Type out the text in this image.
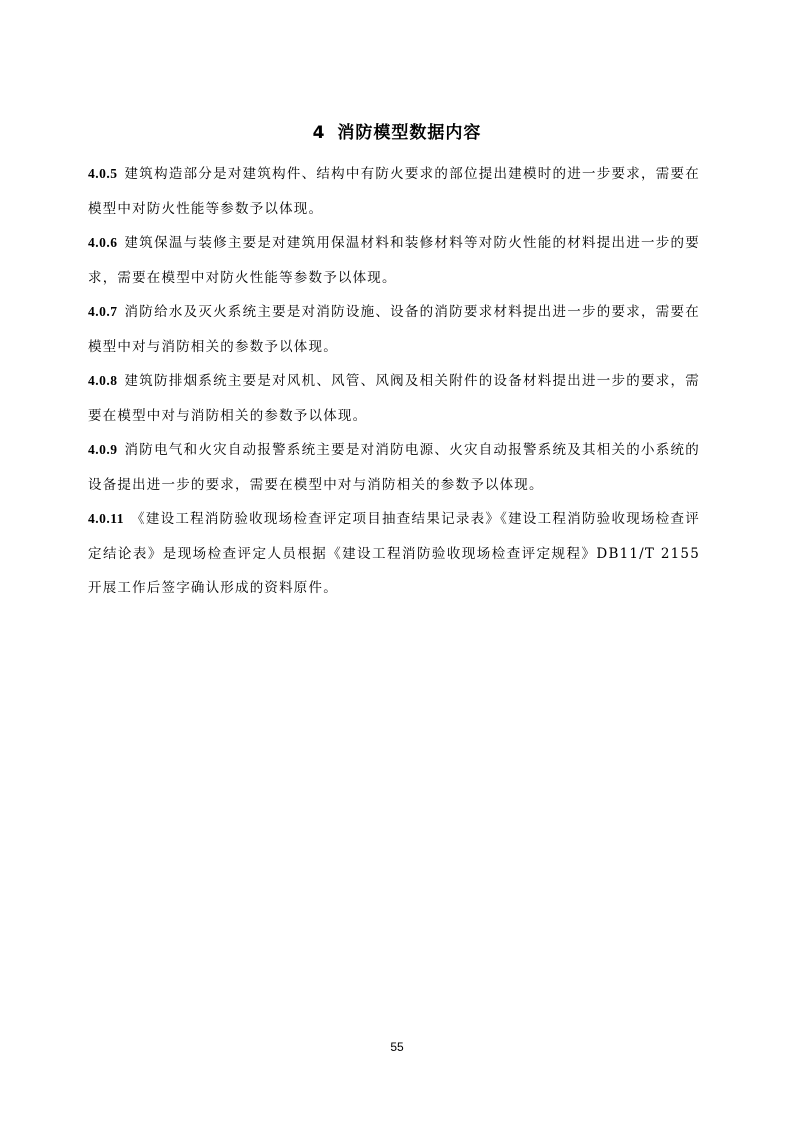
4 消防模型数据内容

4.0.5 建筑构造部分是对建筑构件、结构中有防火要求的部位提出建模时的进一步要求，需要在模型中对防火性能等参数予以体现。

4.0.6 建筑保温与装修主要是对建筑用保温材料和装修材料等对防火性能的材料提出进一步的要求，需要在模型中对防火性能等参数予以体现。

4.0.7 消防给水及灭火系统主要是对消防设施、设备的消防要求材料提出进一步的要求，需要在模型中对与消防相关的参数予以体现。

4.0.8 建筑防排烟系统主要是对风机、风管、风阀及相关附件的设备材料提出进一步的要求，需要在模型中对与消防相关的参数予以体现。

4.0.9 消防电气和火灾自动报警系统主要是对消防电源、火灾自动报警系统及其相关的小系统的设备提出进一步的要求，需要在模型中对与消防相关的参数予以体现。

4.0.11 《建设工程消防验收现场检查评定项目抽查结果记录表》《建设工程消防验收现场检查评定结论表》是现场检查评定人员根据《建设工程消防验收现场检查评定规程》DB11/T 2155 开展工作后签字确认形成的资料原件。

55
